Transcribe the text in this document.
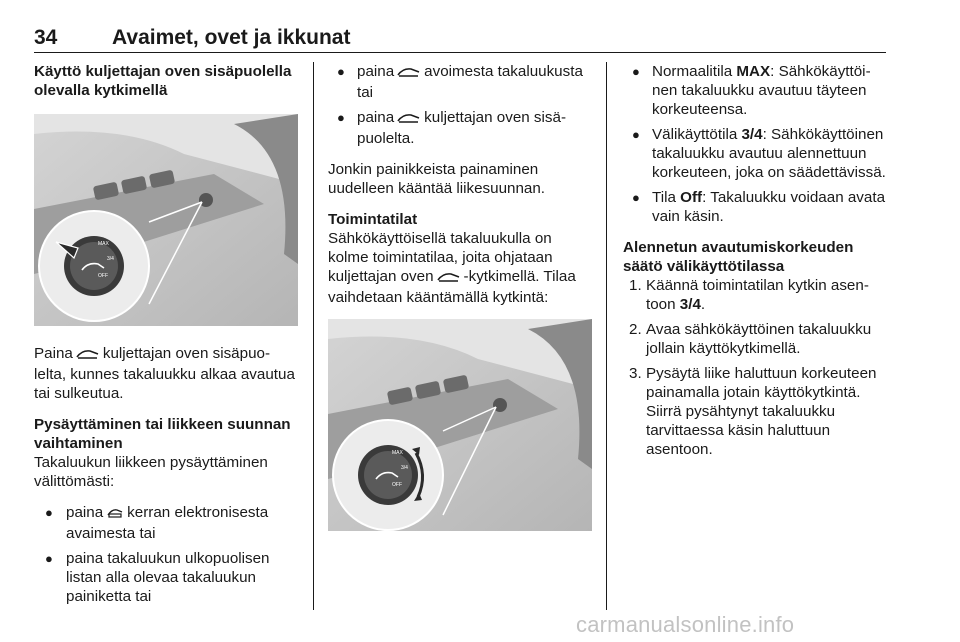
34	Avaimet, ovet ja ikkunat

Käyttö kuljettajan oven sisäpuolella olevalla kytkimellä

MAX
3/4
OFF

Paina kuljettajan oven sisäpuolelta, kunnes takaluukku alkaa avautua tai sulkeutua.

Pysäyttäminen tai liikkeen suunnan vaihtaminen

Takaluukun liikkeen pysäyttäminen välittömästi:

● paina kerran elektronisesta avaimesta tai
● paina takaluukun ulkopuolisen listan alla olevaa takaluukun painiketta tai
● paina avoimesta takaluukusta tai
● paina kuljettajan oven sisäpuolelta.

Jonkin painikkeista painaminen uudelleen kääntää liikesuunnan.

Toimintatilat

Sähkökäyttöisellä takaluukulla on kolme toimintatilaa, joita ohjataan kuljettajan oven -kytkimellä. Tilaa vaihdetaan kääntämällä kytkintä:

MAX
3/4
OFF
● Normaalitila MAX: Sähkökäyttöinen takaluukku avautuu täyteen korkeuteensa.
● Välikäyttötila 3/4: Sähkökäyttöinen takaluukku avautuu alennettuun korkeuteen, joka on säädettävissä.
● Tila Off: Takaluukku voidaan avata vain käsin.

Alennetun avautumiskorkeuden säätö välikäyttötilassa

1. Käännä toimintatilan kytkin asentoon 3/4.
2. Avaa sähkökäyttöinen takaluukku jollain käyttökytkimellä.
3. Pysäytä liike haluttuun korkeuteen painamalla jotain käyttökytkintä. Siirrä pysähtynyt takaluukku tarvittaessa käsin haluttuun asentoon.
carmanualsonline.info
